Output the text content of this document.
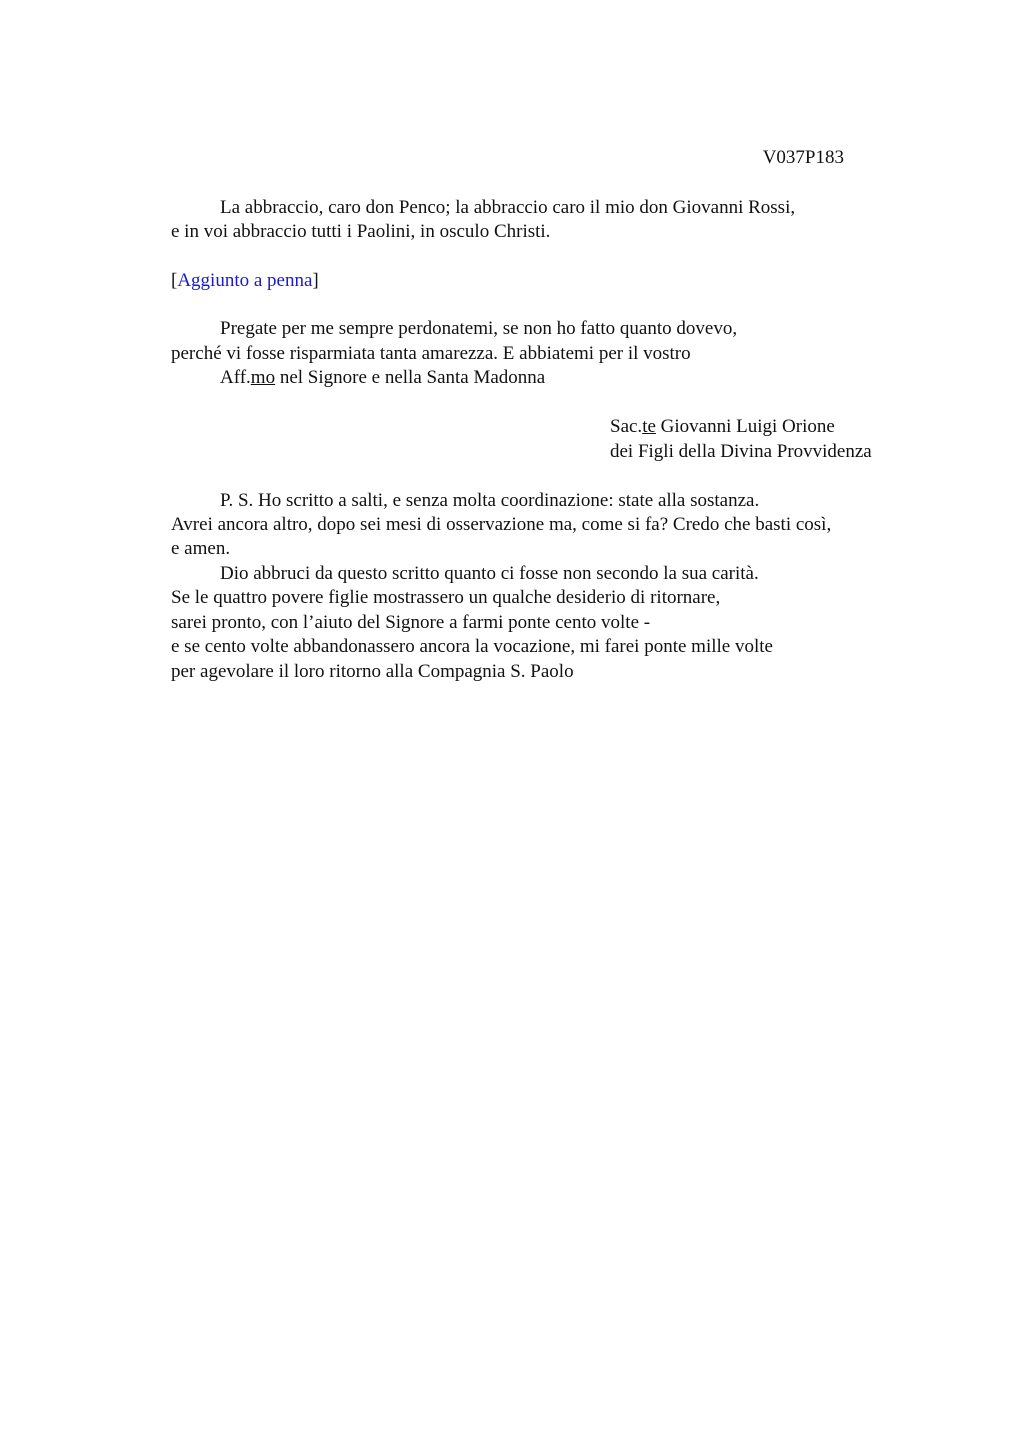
V037P183
La abbraccio, caro don Penco; la abbraccio caro il mio don Giovanni Rossi,
e in voi abbraccio tutti i Paolini, in osculo Christi.
[Aggiunto a penna]
Pregate per me sempre perdonatemi, se non ho fatto quanto dovevo,
perché vi fosse risparmiata tanta amarezza. E abbiatemi per il vostro
Aff.mo nel Signore e nella Santa Madonna
Sac.te Giovanni Luigi Orione
dei Figli della Divina Provvidenza
P. S. Ho scritto a salti, e senza molta coordinazione: state alla sostanza.
Avrei ancora altro, dopo sei mesi di osservazione ma, come si fa? Credo che basti così,
e amen.
Dio abbruci da questo scritto quanto ci fosse non secondo la sua carità.
Se le quattro povere figlie mostrassero un qualche desiderio di ritornare,
sarei pronto, con l’aiuto del Signore a farmi ponte cento volte -
e se cento volte abbandonassero ancora la vocazione, mi farei ponte mille volte
per agevolare il loro ritorno alla Compagnia S. Paolo
